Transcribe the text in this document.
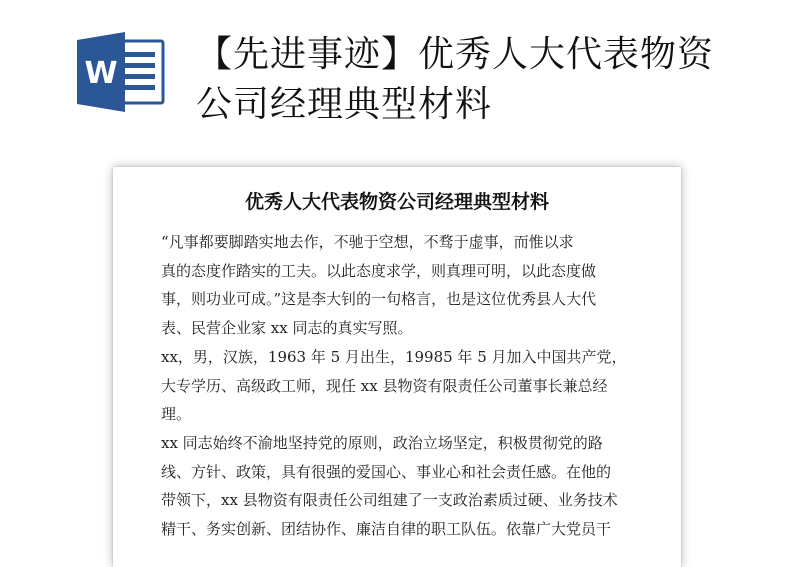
W 【先进事迹】优秀人大代表物资
公司经理典型材料
优秀人大代表物资公司经理典型材料
“凡事都要脚踏实地去作，不驰于空想，不骛于虚事，而惟以求
真的态度作踏实的工夫。以此态度求学，则真理可明，以此态度做
事，则功业可成。”这是李大钊的一句格言，也是这位优秀县人大代
表、民营企业家 xx 同志的真实写照。
xx，男，汉族，1963 年 5 月出生，19985 年 5 月加入中国共产党，
大专学历、高级政工师，现任 xx 县物资有限责任公司董事长兼总经
理。
xx 同志始终不渝地坚持党的原则，政治立场坚定，积极贯彻党的路
线、方针、政策，具有很强的爱国心、事业心和社会责任感。在他的
带领下，xx 县物资有限责任公司组建了一支政治素质过硬、业务技术
精干、务实创新、团结协作、廉洁自律的职工队伍。依靠广大党员干
